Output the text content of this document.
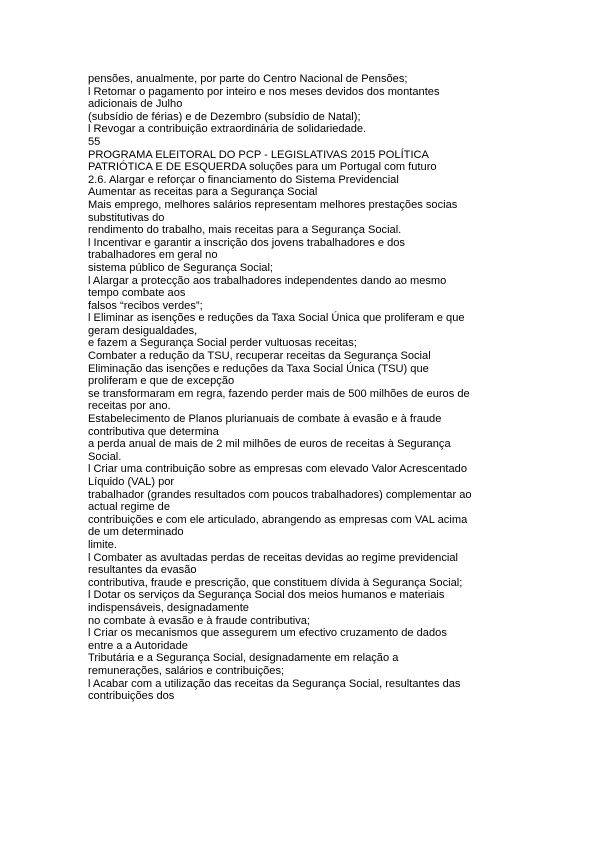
pensões, anualmente, por parte do Centro Nacional de Pensões;
l Retomar o pagamento por inteiro e nos meses devidos dos montantes
adicionais de Julho
(subsídio de férias) e de Dezembro (subsídio de Natal);
l Revogar a contribuição extraordinária de solidariedade.
55
PROGRAMA ELEITORAL DO PCP - LEGISLATIVAS 2015 POLÍTICA
PATRIÓTICA E DE ESQUERDA soluções para um Portugal com futuro
2.6. Alargar e reforçar o financiamento do Sistema Previdencial
Aumentar as receitas para a Segurança Social
Mais emprego, melhores salários representam melhores prestações socias
substitutivas do
rendimento do trabalho, mais receitas para a Segurança Social.
l Incentivar e garantir a inscrição dos jovens trabalhadores e dos
trabalhadores em geral no
sistema público de Segurança Social;
l Alargar a protecção aos trabalhadores independentes dando ao mesmo
tempo combate aos
falsos “recibos verdes”;
l Eliminar as isenções e reduções da Taxa Social Única que proliferam e que
geram desigualdades,
e fazem a Segurança Social perder vultuosas receitas;
Combater a redução da TSU, recuperar receitas da Segurança Social
Eliminação das isenções e reduções da Taxa Social Única (TSU) que
proliferam e que de excepção
se transformaram em regra, fazendo perder mais de 500 milhões de euros de
receitas por ano.
Estabelecimento de Planos plurianuais de combate à evasão e à fraude
contributiva que determina
a perda anual de mais de 2 mil milhões de euros de receitas à Segurança
Social.
l Criar uma contribuição sobre as empresas com elevado Valor Acrescentado
Líquido (VAL) por
trabalhador (grandes resultados com poucos trabalhadores) complementar ao
actual regime de
contribuições e com ele articulado, abrangendo as empresas com VAL acima
de um determinado
limite.
l Combater as avultadas perdas de receitas devidas ao regime previdencial
resultantes da evasão
contributiva, fraude e prescrição, que constituem dívida à Segurança Social;
l Dotar os serviços da Segurança Social dos meios humanos e materiais
indispensáveis, designadamente
no combate à evasão e à fraude contributiva;
l Criar os mecanismos que assegurem um efectivo cruzamento de dados
entre a a Autoridade
Tributária e a Segurança Social, designadamente em relação a
remunerações, salários e contribuições;
l Acabar com a utilização das receitas da Segurança Social, resultantes das
contribuições dos
